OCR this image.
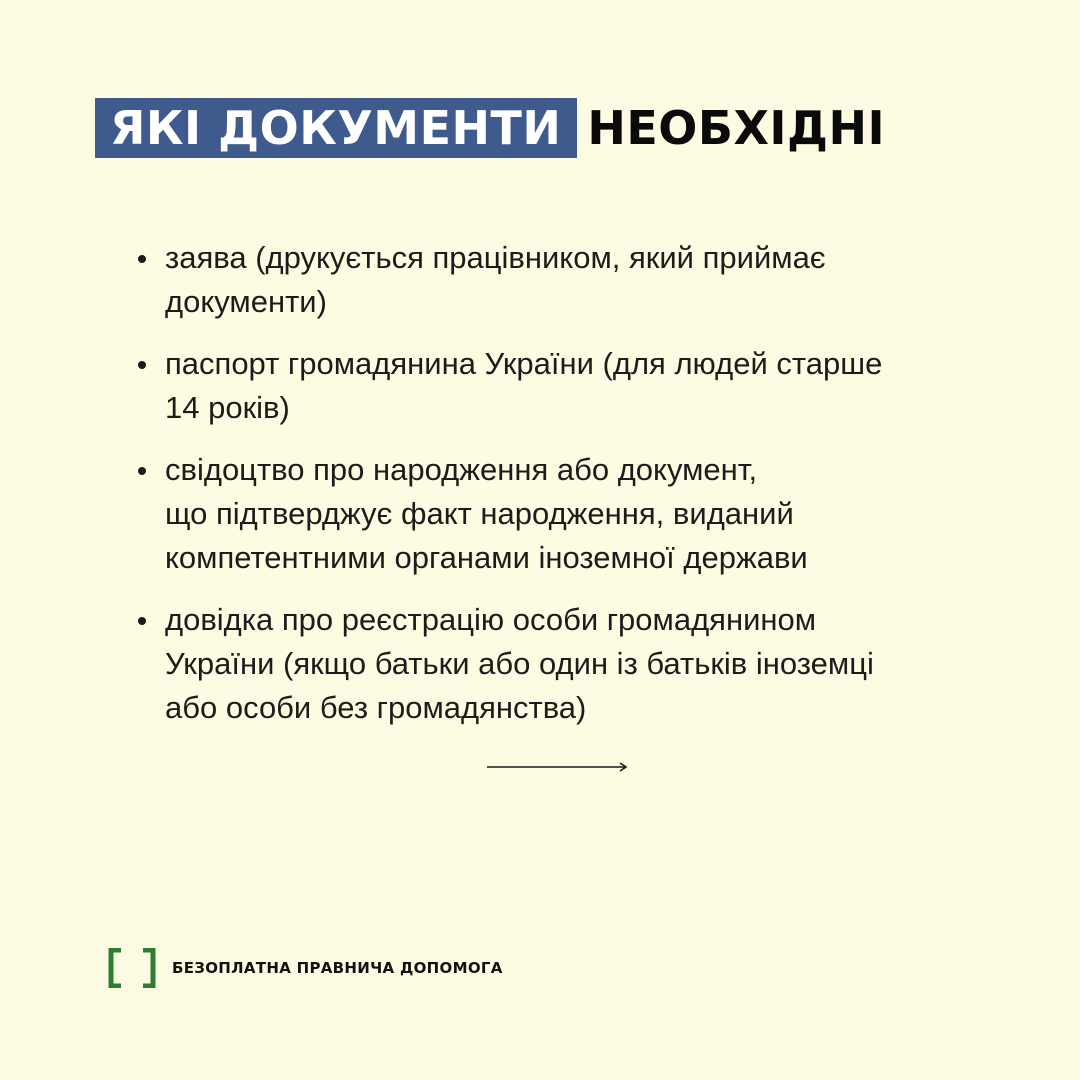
ЯКІ ДОКУМЕНТИ НЕОБХІДНІ
заява (друкується працівником, який приймає
документи)
паспорт громадянина України (для людей старше
14 років)
свідоцтво про народження або документ,
що підтверджує факт народження, виданий
компетентними органами іноземної держави
довідка про реєстрацію особи громадянином
України (якщо батьки або один із батьків іноземці
або особи без громадянства)
БЕЗОПЛАТНА ПРАВНИЧА ДОПОМОГА
